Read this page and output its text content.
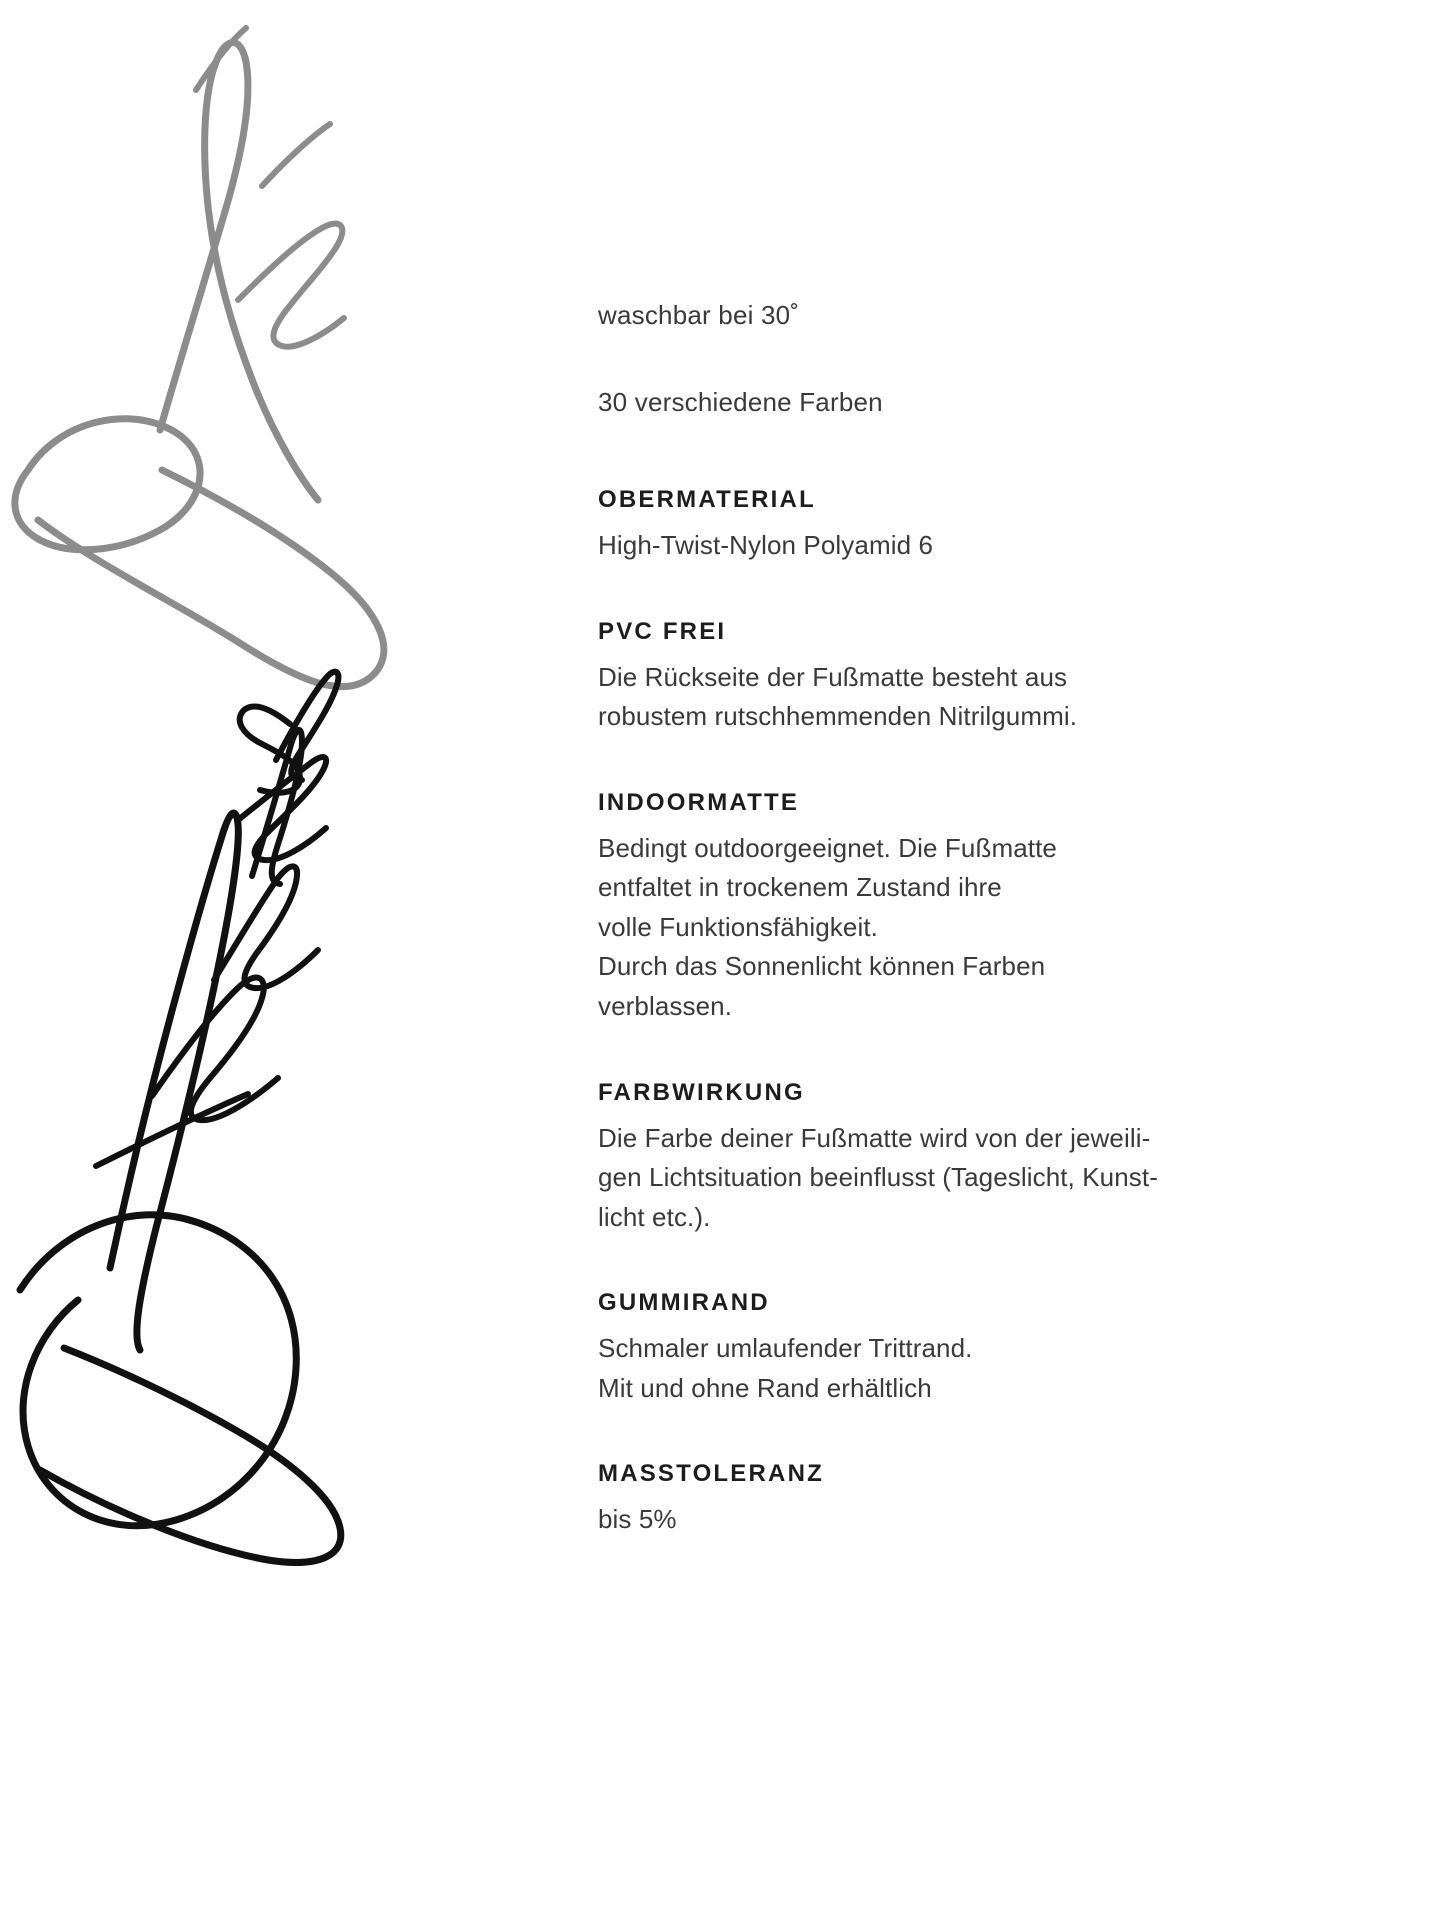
waschbar bei 30˚

30 verschiedene Farben

OBERMATERIAL

High-Twist-Nylon Polyamid 6

PVC FREI

Die Rückseite der Fußmatte besteht aus
robustem rutschhemmenden Nitrilgummi.

INDOORMATTE

Bedingt outdoorgeeignet. Die Fußmatte
entfaltet in trockenem Zustand ihre
volle Funktionsfähigkeit.
Durch das Sonnenlicht können Farben
verblassen.

FARBWIRKUNG

Die Farbe deiner Fußmatte wird von der jeweili-
gen Lichtsituation beeinflusst (Tageslicht, Kunst-
licht etc.).

GUMMIRAND

Schmaler umlaufender Trittrand.
Mit und ohne Rand erhältlich

MASSTOLERANZ

bis 5%
